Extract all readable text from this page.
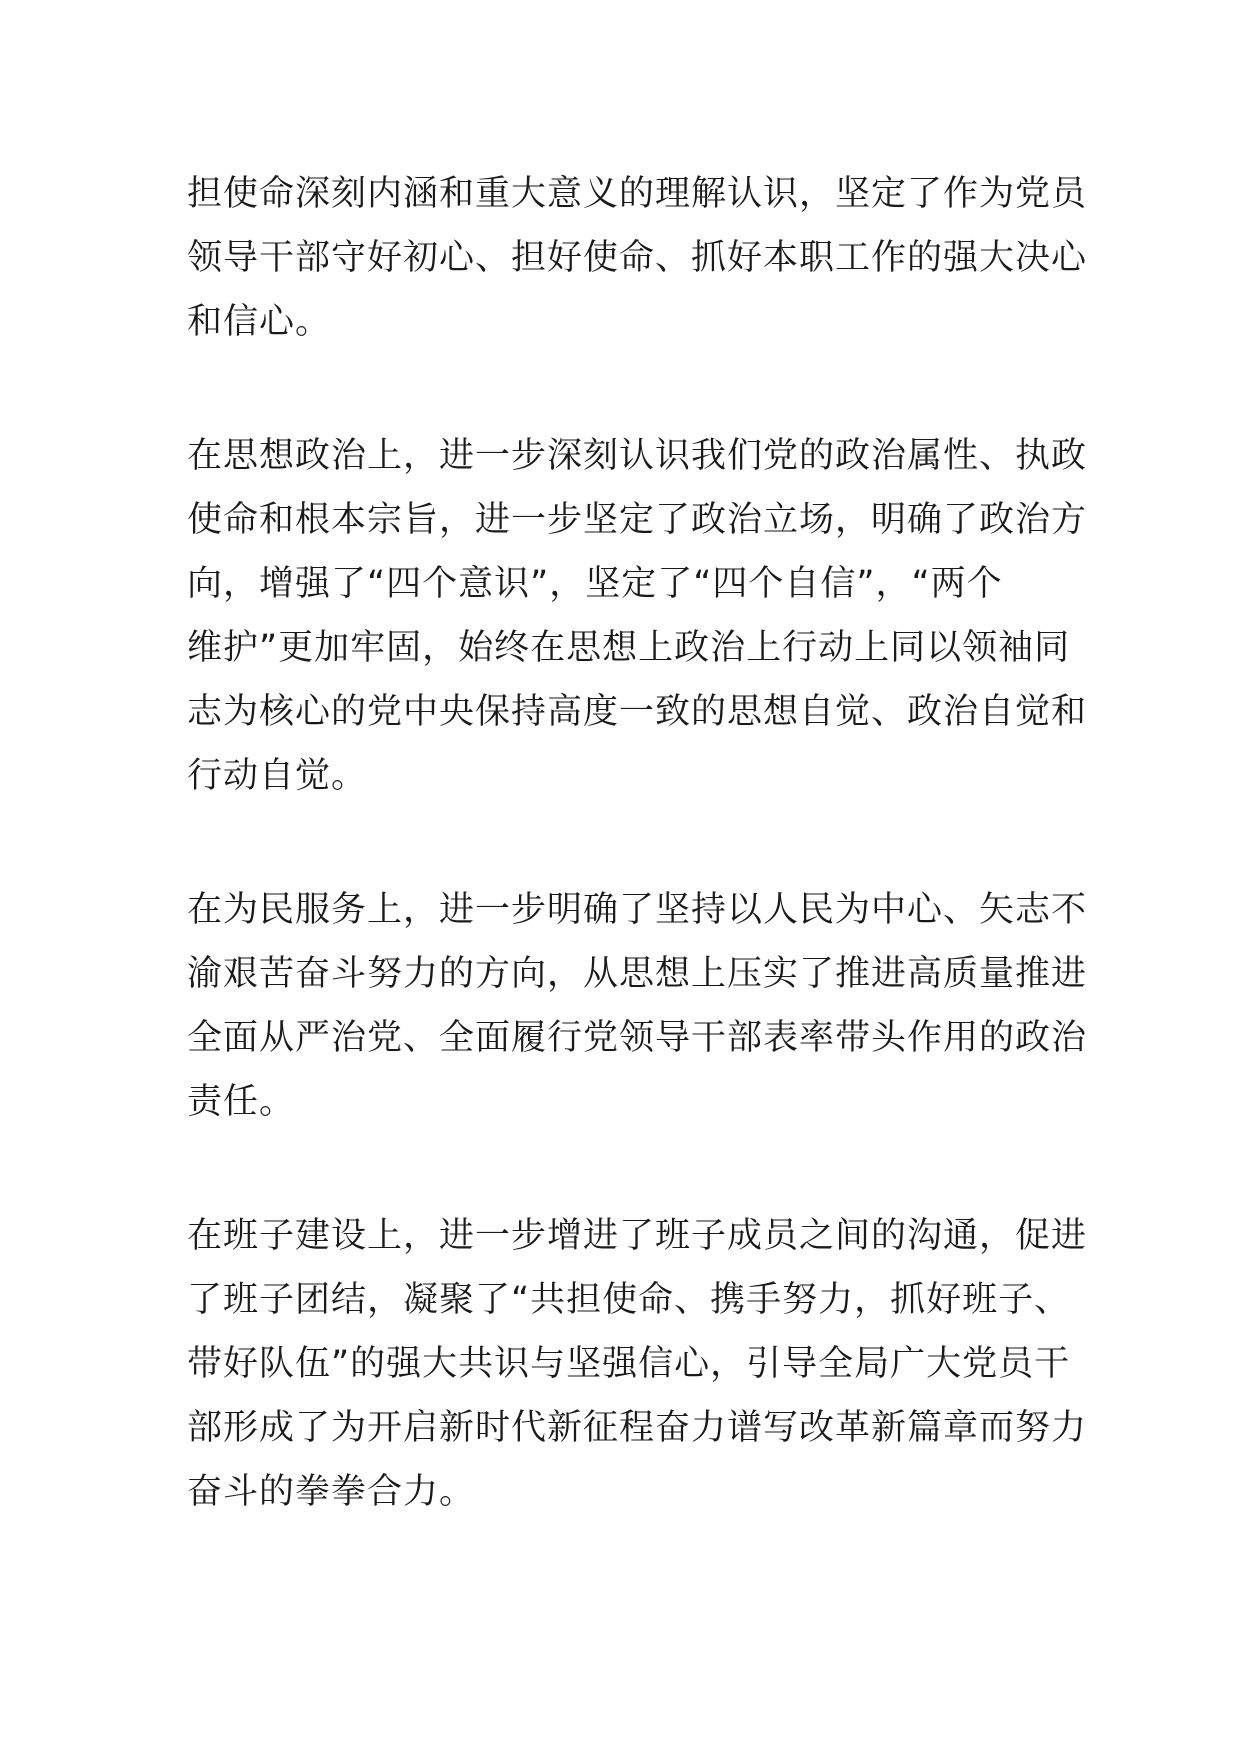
担使命深刻内涵和重大意义的理解认识，坚定了作为党员
领导干部守好初心、担好使命、抓好本职工作的强大决心
和信心。

在思想政治上，进一步深刻认识我们党的政治属性、执政
使命和根本宗旨，进一步坚定了政治立场，明确了政治方
向，增强了“四个意识”，坚定了“四个自信”，“两个
维护”更加牢固，始终在思想上政治上行动上同以领袖同
志为核心的党中央保持高度一致的思想自觉、政治自觉和
行动自觉。

在为民服务上，进一步明确了坚持以人民为中心、矢志不
渝艰苦奋斗努力的方向，从思想上压实了推进高质量推进
全面从严治党、全面履行党领导干部表率带头作用的政治
责任。

在班子建设上，进一步增进了班子成员之间的沟通，促进
了班子团结，凝聚了“共担使命、携手努力，抓好班子、
带好队伍”的强大共识与坚强信心，引导全局广大党员干
部形成了为开启新时代新征程奋力谱写改革新篇章而努力
奋斗的拳拳合力。
